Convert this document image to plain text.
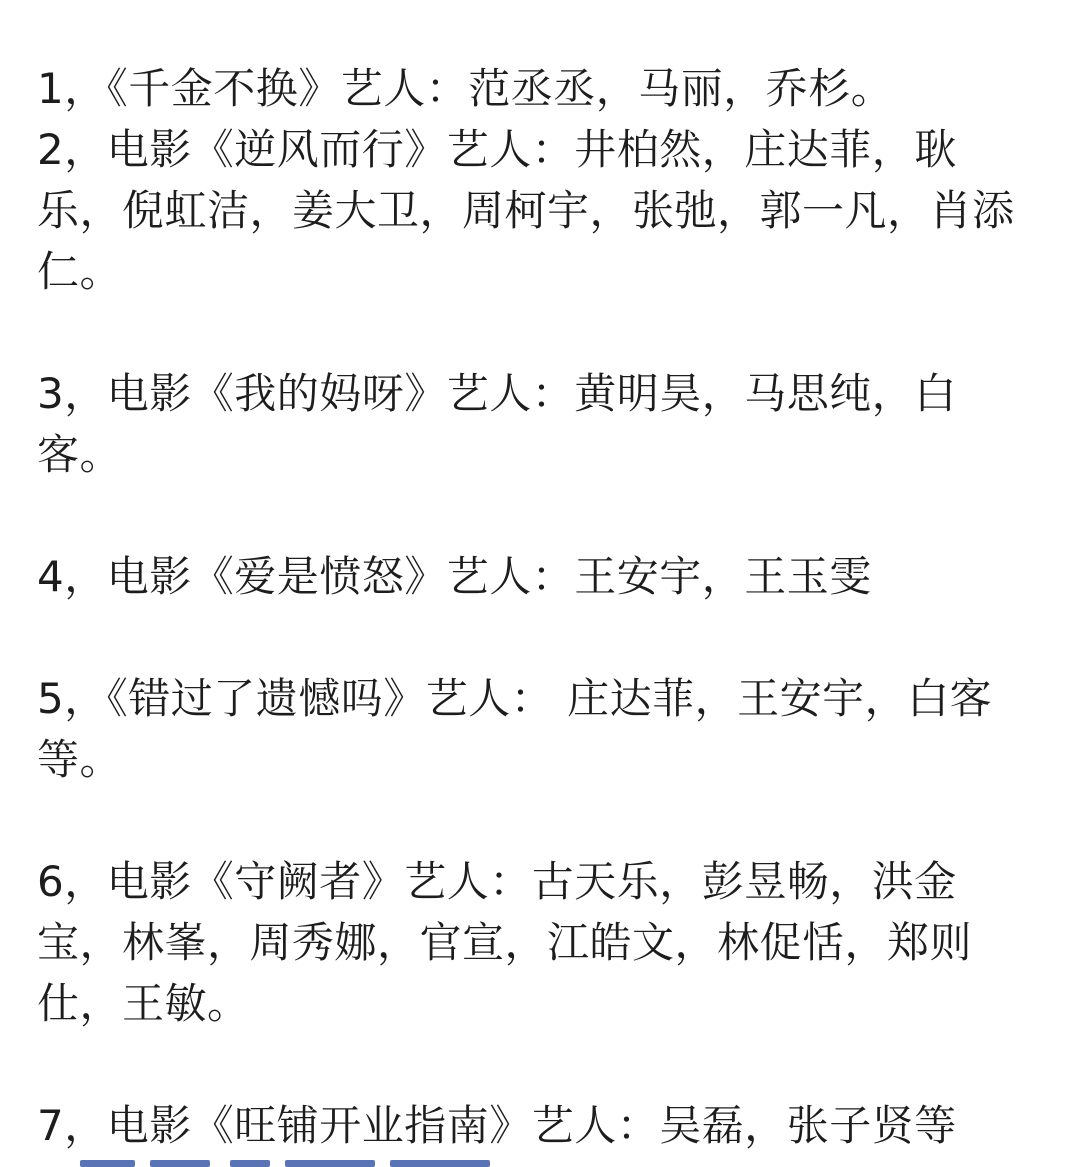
1，《千金不换》艺人：范丞丞，马丽，乔杉。

2，电影《逆风而行》艺人：井柏然，庄达菲，耿乐，倪虹洁，姜大卫，周柯宇，张弛，郭一凡，肖添仁。

3，电影《我的妈呀》艺人：黄明昊，马思纯，白客。

4，电影《爱是愤怒》艺人：王安宇，王玉雯

5，《错过了遗憾吗》艺人： 庄达菲，王安宇，白客等。

6，电影《守阙者》艺人：古天乐，彭昱畅，洪金宝，林峯，周秀娜，官宣，江皓文，林促恬，郑则仕，王敏。

7，电影《旺铺开业指南》艺人：吴磊，张子贤等
